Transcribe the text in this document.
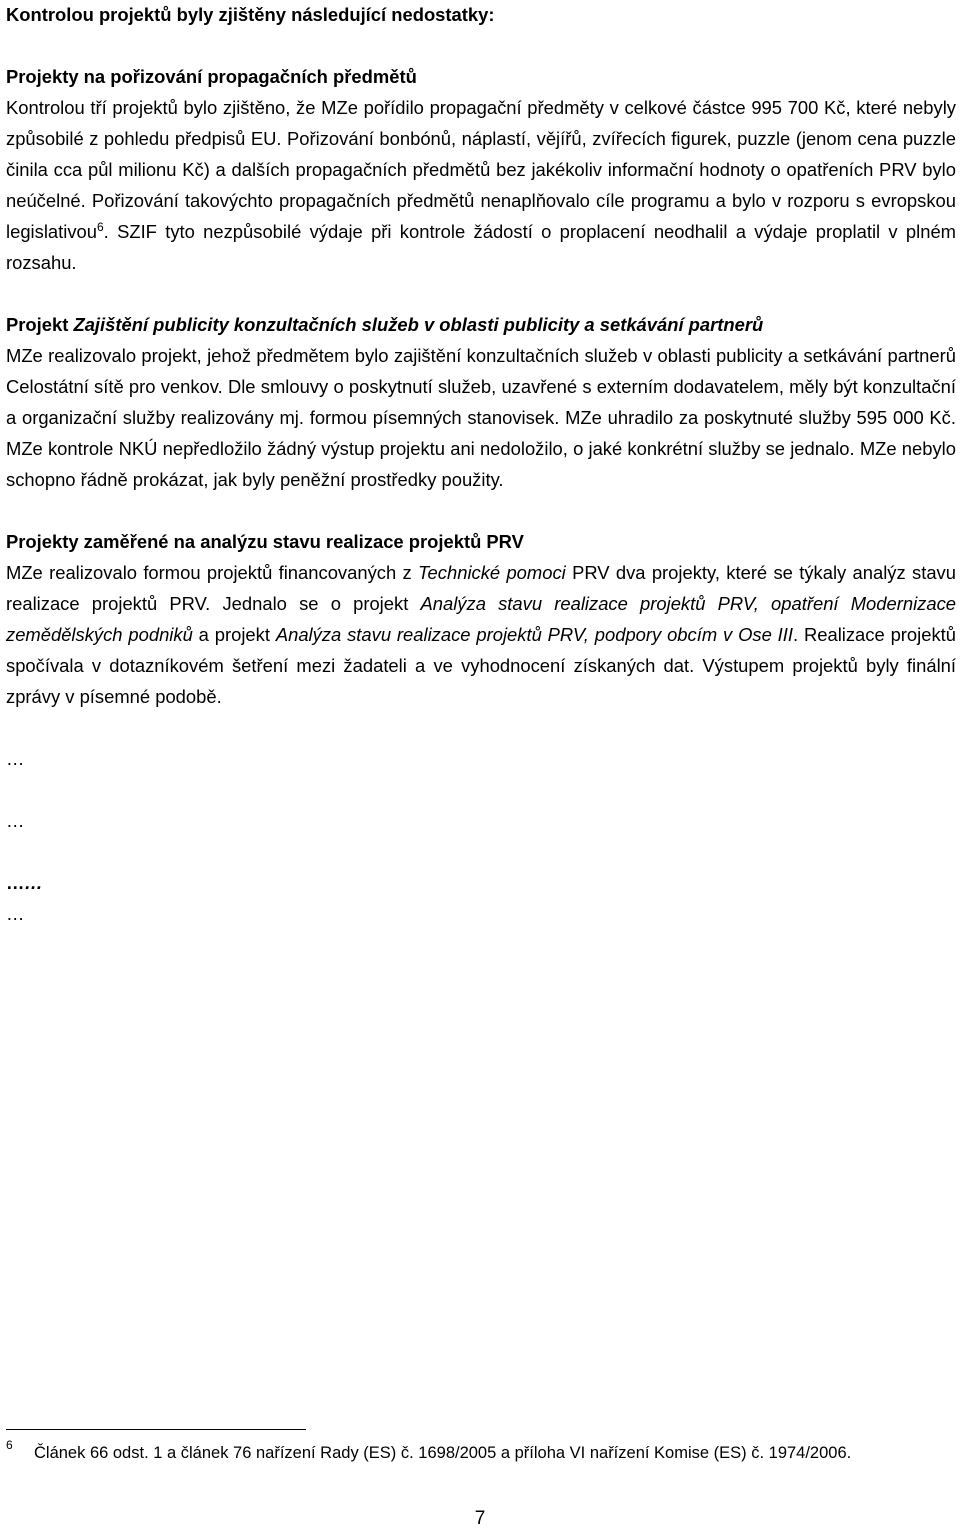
Kontrolou projektů byly zjištěny následující nedostatky:

Projekty na pořizování propagačních předmětů

Kontrolou tří projektů bylo zjištěno, že MZe pořídilo propagační předměty v celkové částce 995 700 Kč, které nebyly způsobilé z pohledu předpisů EU. Pořizování bonbónů, náplastí, vějířů, zvířecích figurek, puzzle (jenom cena puzzle činila cca půl milionu Kč) a dalších propagačních předmětů bez jakékoliv informační hodnoty o opatřeních PRV bylo neúčelné. Pořizování takovýchto propagačních předmětů nenaplňovalo cíle programu a bylo v rozporu s evropskou legislativou$^6$. SZIF tyto nezpůsobilé výdaje při kontrole žádostí o proplacení neodhalil a výdaje proplatil v plném rozsahu.

Projekt Zajištění publicity konzultačních služeb v oblasti publicity a setkávání partnerů

MZe realizovalo projekt, jehož předmětem bylo zajištění konzultačních služeb v oblasti publicity a setkávání partnerů Celostátní sítě pro venkov. Dle smlouvy o poskytnutí služeb, uzavřené s externím dodavatelem, měly být konzultační a organizační služby realizovány mj. formou písemných stanovisek. MZe uhradilo za poskytnuté služby 595 000 Kč. MZe kontrole NKÚ nepředložilo žádný výstup projektu ani nedoložilo, o jaké konkrétní služby se jednalo. MZe nebylo schopno řádně prokázat, jak byly peněžní prostředky použity.

Projekty zaměřené na analýzu stavu realizace projektů PRV

MZe realizovalo formou projektů financovaných z Technické pomoci PRV dva projekty, které se týkaly analýz stavu realizace projektů PRV. Jednalo se o projekt Analýza stavu realizace projektů PRV, opatření Modernizace zemědělských podniků a projekt Analýza stavu realizace projektů PRV, podpory obcím v Ose III. Realizace projektů spočívala v dotazníkovém šetření mezi žadateli a ve vyhodnocení získaných dat. Výstupem projektů byly finální zprávy v písemné podobě.

…

…

……

…

6 Článek 66 odst. 1 a článek 76 nařízení Rady (ES) č. 1698/2005 a příloha VI nařízení Komise (ES) č. 1974/2006.
7
